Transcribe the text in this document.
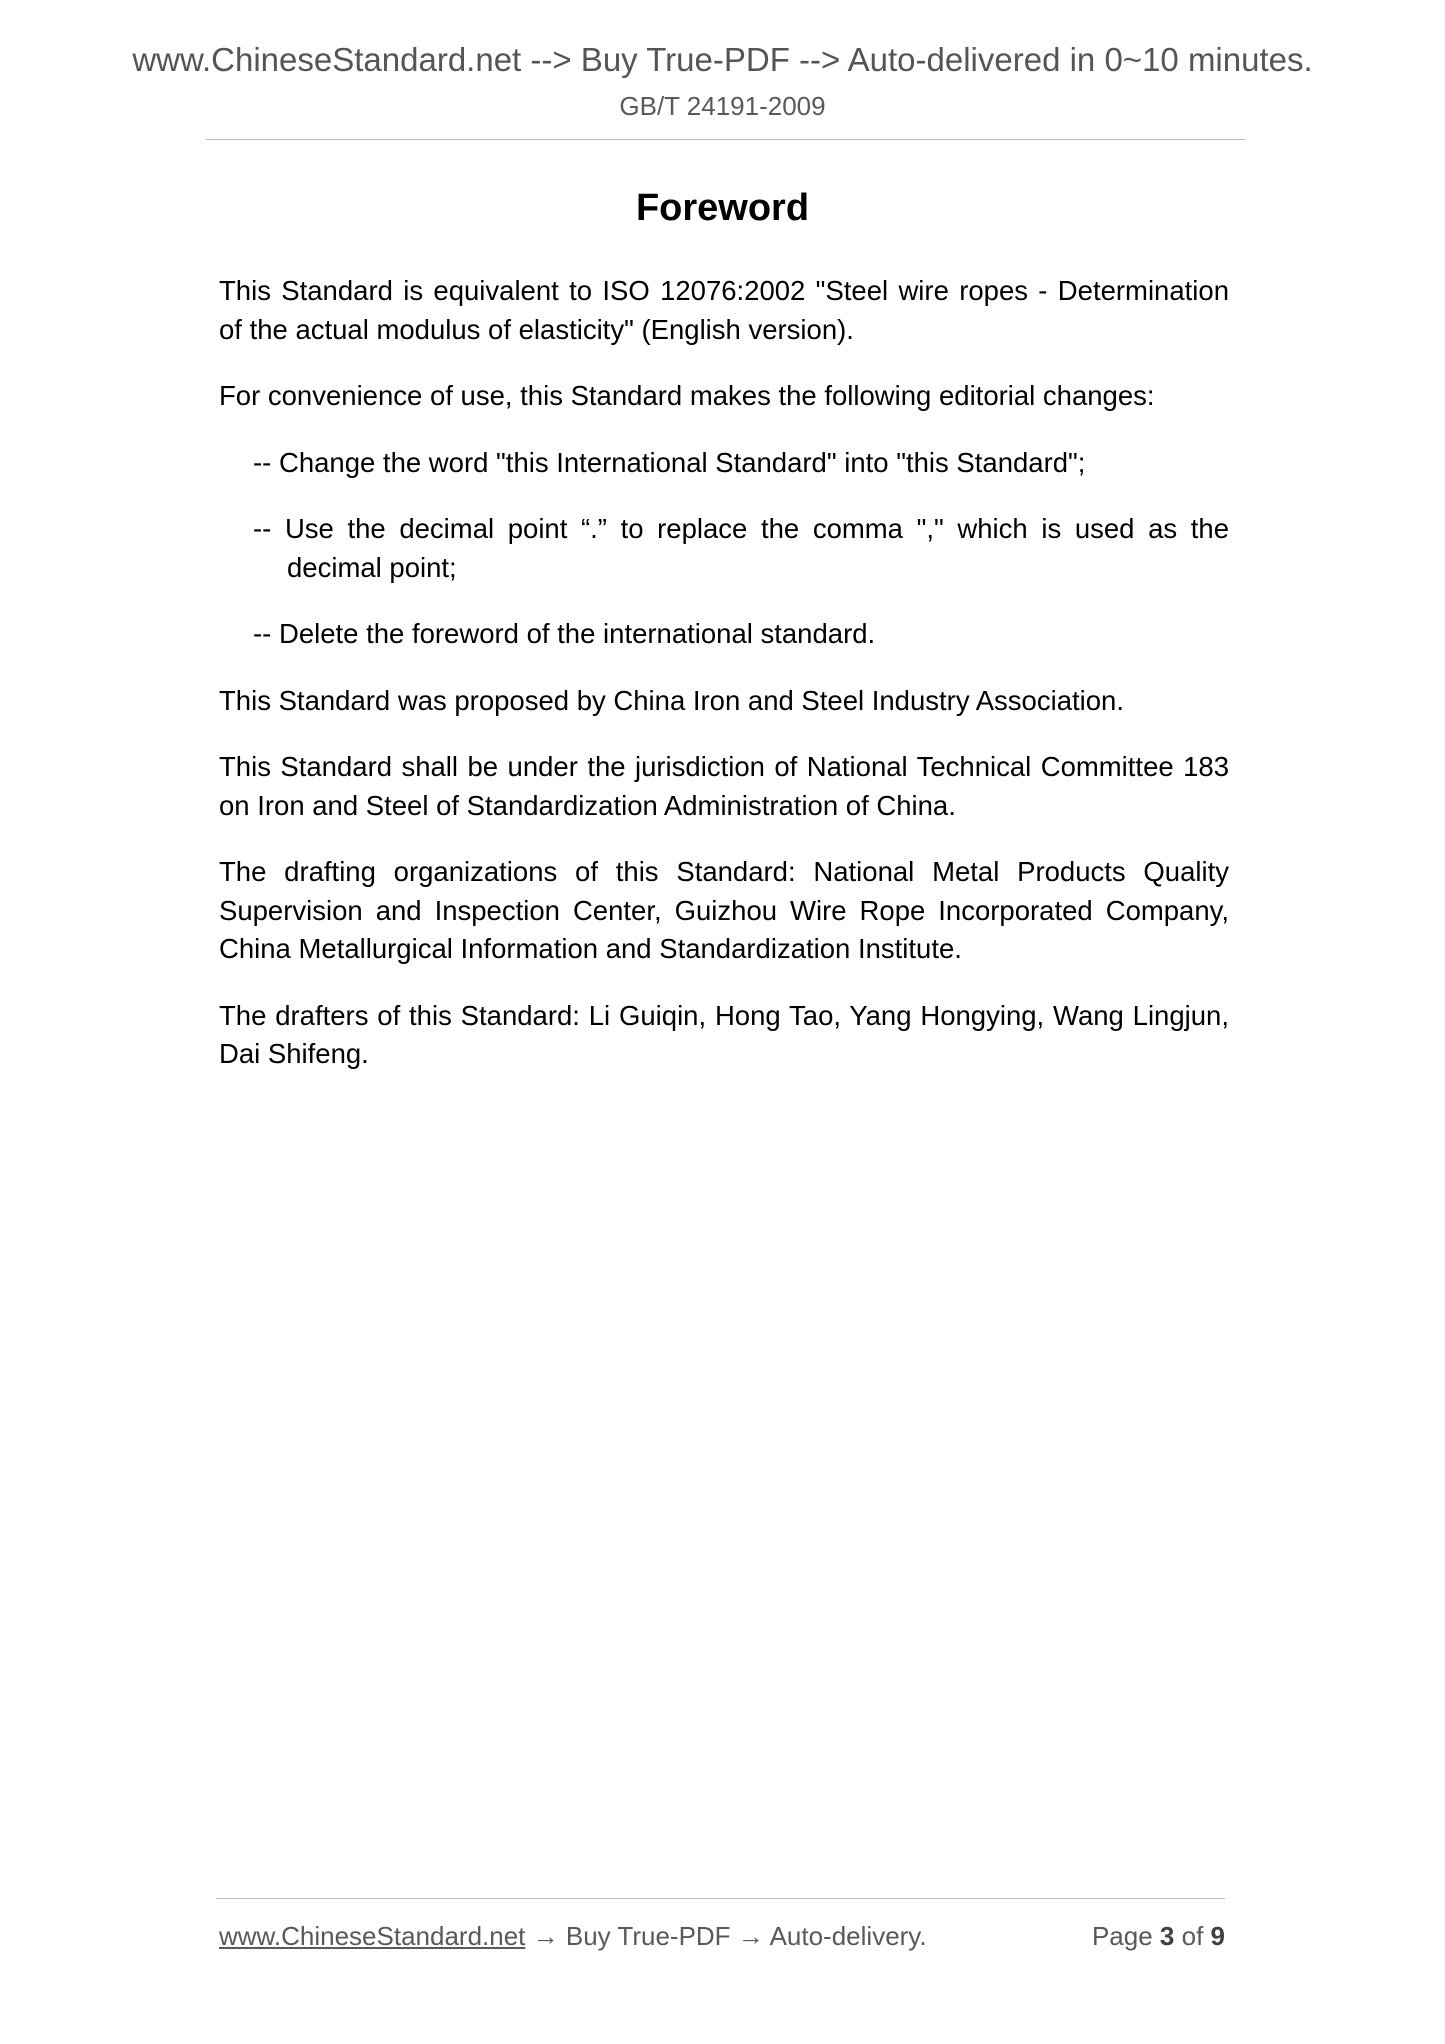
www.ChineseStandard.net --> Buy True-PDF --> Auto-delivered in 0~10 minutes.
GB/T 24191-2009
Foreword

This Standard is equivalent to ISO 12076:2002 "Steel wire ropes - Determination of the actual modulus of elasticity" (English version).

For convenience of use, this Standard makes the following editorial changes:

-- Change the word "this International Standard" into "this Standard";

-- Use the decimal point “.” to replace the comma "," which is used as the decimal point;

-- Delete the foreword of the international standard.

This Standard was proposed by China Iron and Steel Industry Association.

This Standard shall be under the jurisdiction of National Technical Committee 183 on Iron and Steel of Standardization Administration of China.

The drafting organizations of this Standard: National Metal Products Quality Supervision and Inspection Center, Guizhou Wire Rope Incorporated Company, China Metallurgical Information and Standardization Institute.

The drafters of this Standard: Li Guiqin, Hong Tao, Yang Hongying, Wang Lingjun, Dai Shifeng.

www.ChineseStandard.net → Buy True-PDF → Auto-delivery.	Page 3 of 9
